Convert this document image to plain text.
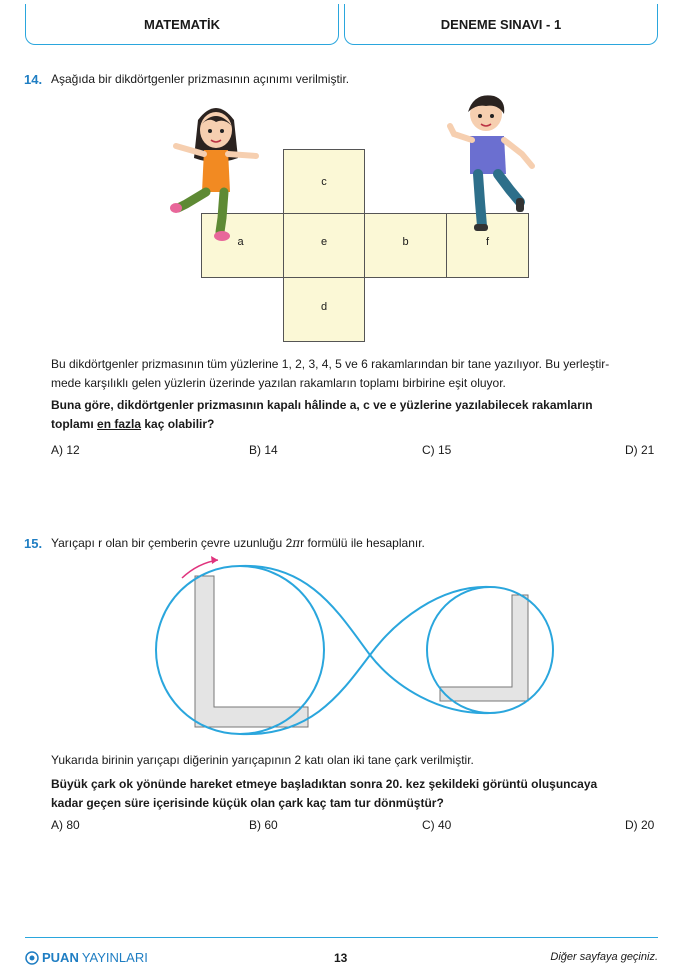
MATEMATİK	DENEME SINAVI - 1
14. Aşağıda bir dikdörtgenler prizmasının açınımı verilmiştir.
c
a	e	b	f
d
Bu dikdörtgenler prizmasının tüm yüzlerine 1, 2, 3, 4, 5 ve 6 rakamlarından bir tane yazılıyor. Bu yerleştir-
mede karşılıklı gelen yüzlerin üzerinde yazılan rakamların toplamı birbirine eşit oluyor.
Buna göre, dikdörtgenler prizmasının kapalı hâlinde a, c ve e yüzlerine yazılabilecek rakamların
toplamı en fazla kaç olabilir?
A) 12	B) 14	C) 15	D) 21
15. Yarıçapı r olan bir çemberin çevre uzunluğu 2πr formülü ile hesaplanır.
Yukarıda birinin yarıçapı diğerinin yarıçapının 2 katı olan iki tane çark verilmiştir.
Büyük çark ok yönünde hareket etmeye başladıktan sonra 20. kez şekildeki görüntü oluşuncaya
kadar geçen süre içerisinde küçük olan çark kaç tam tur dönmüştür?
A) 80	B) 60	C) 40	D) 20
PUAN YAYINLARI	13	Diğer sayfaya geçiniz.
